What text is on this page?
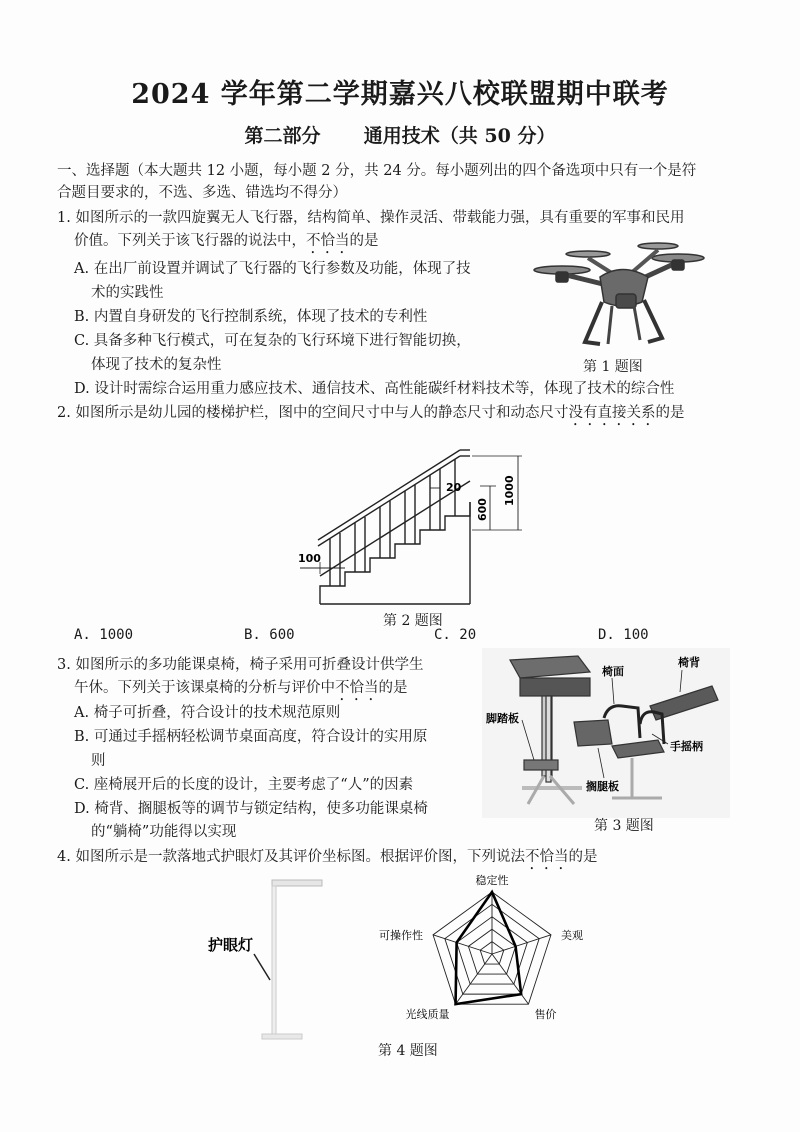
2024 学年第二学期嘉兴八校联盟期中联考
第二部分 通用技术（共 50 分）
一、选择题（本大题共 12 小题，每小题 2 分，共 24 分。每小题列出的四个备选项中只有一个是符
合题目要求的，不选、多选、错选均不得分）
1. 如图所示的一款四旋翼无人飞行器，结构简单、操作灵活、带载能力强，具有重要的军事和民用
价值。下列关于该飞行器的说法中，不恰当的是
A. 在出厂前设置并调试了飞行器的飞行参数及功能，体现了技
术的实践性
B. 内置自身研发的飞行控制系统，体现了技术的专利性
C. 具备多种飞行模式，可在复杂的飞行环境下进行智能切换，
体现了技术的复杂性
D. 设计时需综合运用重力感应技术、通信技术、高性能碳纤材料技术等，体现了技术的综合性
第 1 题图
2. 如图所示是幼儿园的楼梯护栏，图中的空间尺寸中与人的静态尺寸和动态尺寸没有直接关系的是
20	1000
600
100
第 2 题图
A. 1000	B. 600	C. 20	D. 100
3. 如图所示的多功能课桌椅，椅子采用可折叠设计供学生
午休。下列关于该课桌椅的分析与评价中不恰当的是
A. 椅子可折叠，符合设计的技术规范原则
B. 可通过手摇柄轻松调节桌面高度，符合设计的实用原
则
C. 座椅展开后的长度的设计，主要考虑了“人”的因素
D. 椅背、搁腿板等的调节与锁定结构，使多功能课桌椅
的“躺椅”功能得以实现
椅面
椅背
脚踏板
手摇柄
搁腿板
第 3 题图
4. 如图所示是一款落地式护眼灯及其评价坐标图。根据评价图，下列说法不恰当的是
护眼灯
稳定性
美观
售价
光线质量
可操作性
第 4 题图
